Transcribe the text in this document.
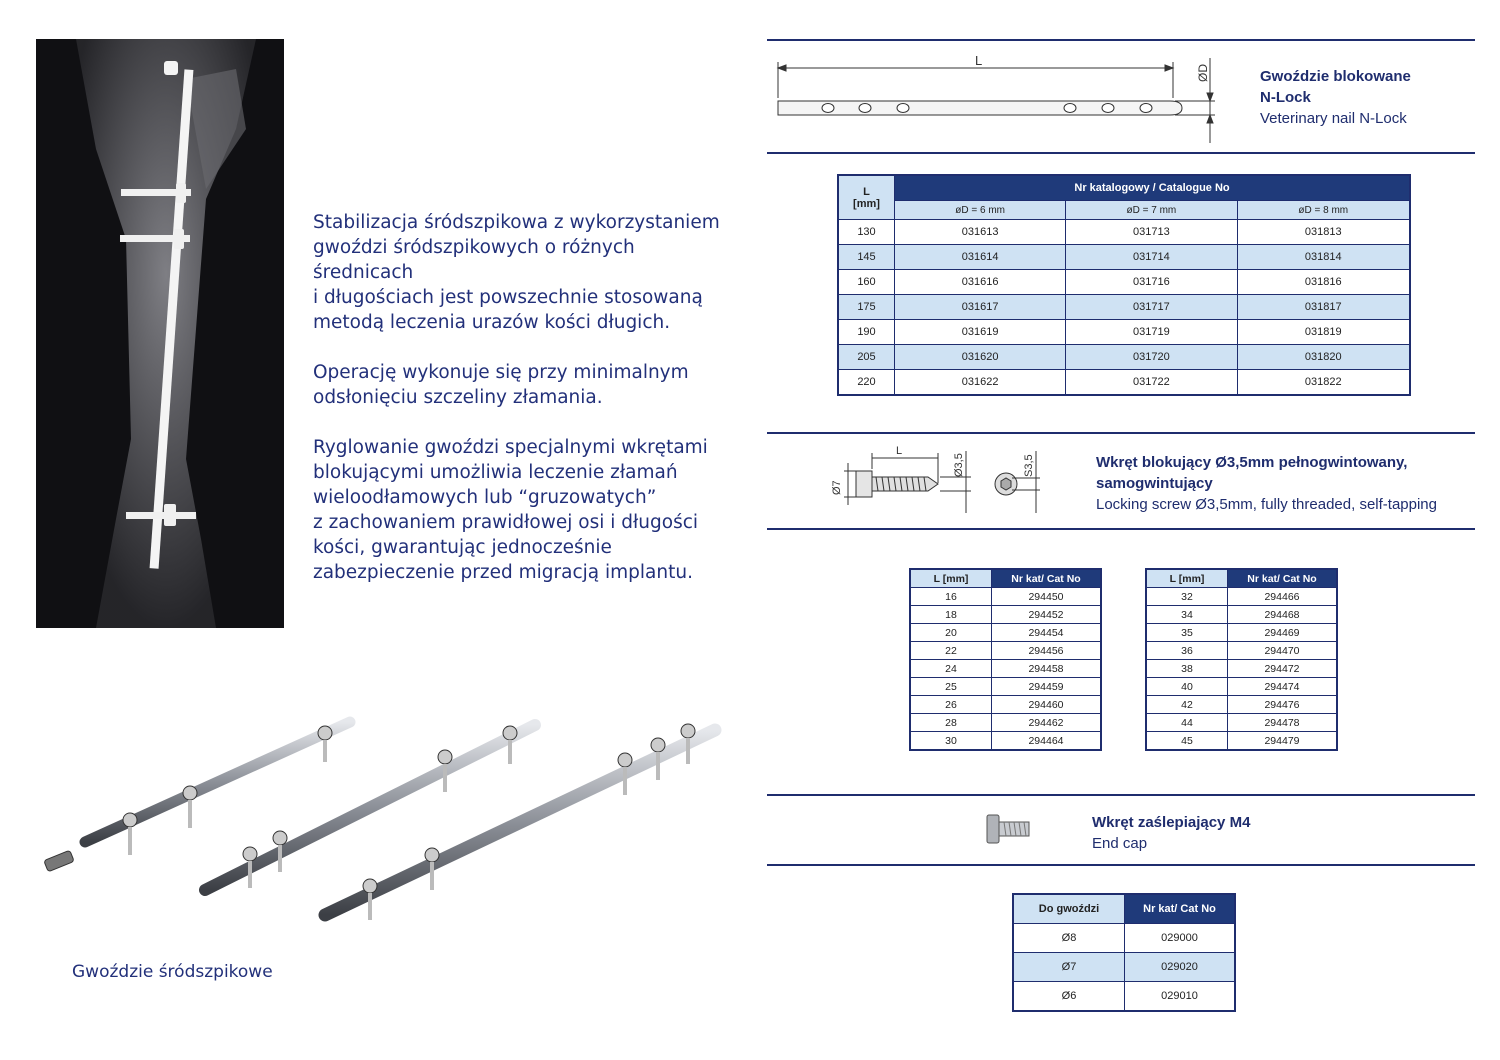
Stabilizacja śródszpikowa z wykorzystaniem
gwoździ śródszpikowych o różnych średnicach
i długościach jest powszechnie stosowaną
metodą leczenia urazów kości długich.

Operację wykonuje się przy minimalnym
odsłonięciu szczeliny złamania.

Ryglowanie gwoździ specjalnymi wkrętami
blokującymi umożliwia leczenie złamań
wieloodłamowych lub “gruzowatych”
z zachowaniem prawidłowej osi i długości
kości, gwarantując jednocześnie
zabezpieczenie przed migracją implantu.

Gwoździe śródszpikowe
L
ØD	Gwoździe blokowane
N-Lock
Veterinary nail N-Lock
L
[mm]	Nr katalogowy / Catalogue No		
	øD = 6 mm	øD = 7 mm	øD = 8 mm
130	031613	031713	031813
145	031614	031714	031814
160	031616	031716	031816
175	031617	031717	031817
190	031619	031719	031819
205	031620	031720	031820
220	031622	031722	031822
L
Ø7
Ø3,5	S3,5	Wkręt blokujący Ø3,5mm pełnogwintowany,
samogwintujący
Locking screw Ø3,5mm, fully threaded, self-tapping
L [mm]	Nr kat/ Cat No
16	294450
18	294452
20	294454
22	294456
24	294458
25	294459
26	294460
28	294462
30	294464
L [mm]	Nr kat/ Cat No
32	294466
34	294468
35	294469
36	294470
38	294472
40	294474
42	294476
44	294478
45	294479
Wkręt zaślepiający M4
End cap
Do gwoździ	Nr kat/ Cat No
Ø8	029000
Ø7	029020
Ø6	029010
